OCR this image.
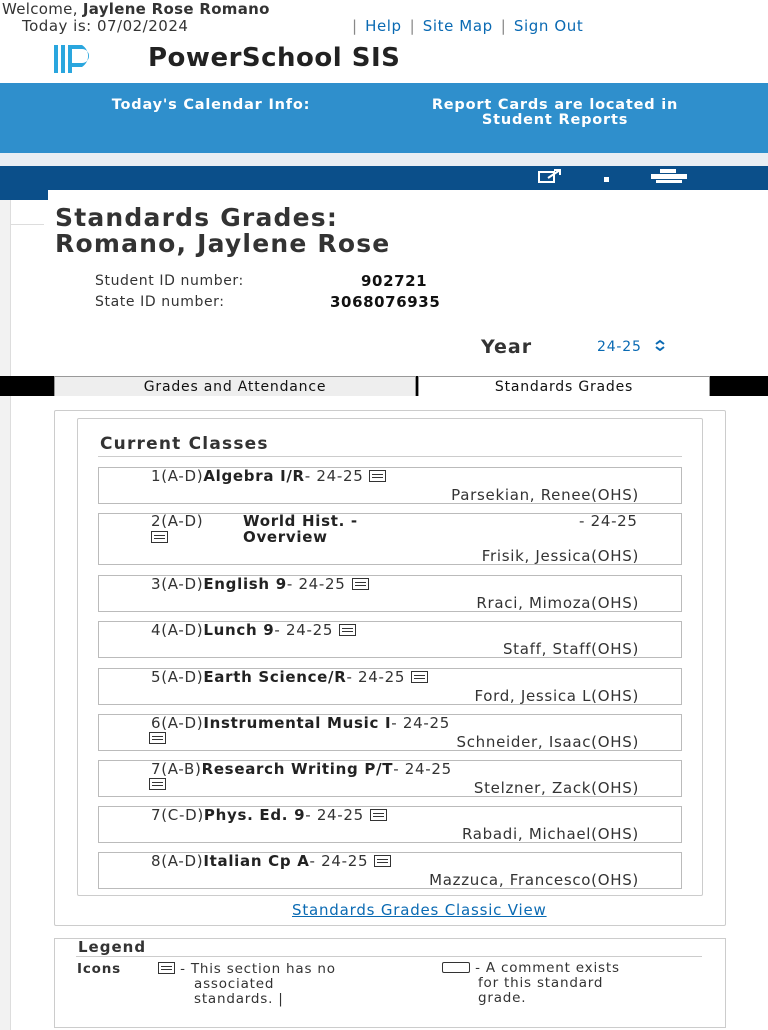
Welcome, Jaylene Rose Romano
Today is: 07/02/2024	| Help | Site Map | Sign Out
PowerSchool SIS
Today's Calendar Info:	Report Cards are located in Student Reports
Standards Grades:
Romano, Jaylene Rose
Student ID number:	902721
State ID number:	3068076935
Year	24-25
Grades and Attendance	Standards Grades
Current Classes
1(A-D)Algebra I/R- 24-25
Parsekian, Renee(OHS)
2(A-D)	World Hist. - Overview
- 24-25
Frisik, Jessica(OHS)
3(A-D)English 9- 24-25
Rraci, Mimoza(OHS)
4(A-D)Lunch 9- 24-25
Staff, Staff(OHS)
5(A-D)Earth Science/R- 24-25
Ford, Jessica L(OHS)
6(A-D)Instrumental Music I- 24-25
Schneider, Isaac(OHS)
7(A-B)Research Writing P/T- 24-25
Stelzner, Zack(OHS)
7(C-D)Phys. Ed. 9- 24-25
Rabadi, Michael(OHS)
8(A-D)Italian Cp A- 24-25
Mazzuca, Francesco(OHS)
Standards Grades Classic View
Legend
Icons	- This section has no
associated
standards. |
- A comment exists
for this standard
grade.
